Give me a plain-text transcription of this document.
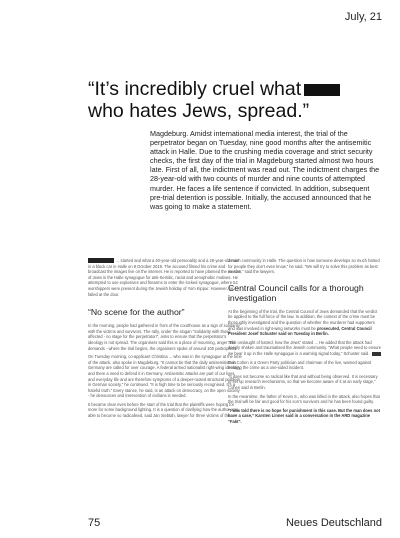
July, 21
“It’s incredibly cruel what
who hates Jews, spread.”

Magdeburg. Amidst international media interest, the trial of the perpetrator began on Tuesday, nine good months after the antisemitic attack in Halle. Due to the crushing media coverage and strict security checks, the first day of the trial in Magdeburg started almost two hours late. First of all, the indictment was read out. The indictment charges the 28-year-old with two counts of murder and nine counts of attempted murder. He faces a life sentence if convicted. In addition, subsequent pre-trial detention is possible. Initially, the accused announced that he was going to make a statement.

... started and what a 40-year-old personality and a 28-year-old man in a black car in Halle on 9 October 2019. The accused filmed his crime and broadcast the images live on the internet. He is reported to have planned the murder of Jews in the Halle synagogue for anti-Semitic, racist and xenophobic motives. He attempted to use explosives and firearms to enter the locked synagogue, where 52 worshippers were present during the Jewish holiday of Yom Kippur. However, he failed at the door.

“No scene for the author”

In the morning, people had gathered in front of the courthouse as a sign of solidarity with the victims and survivors. The rally, under the slogan “Solidarity with those affected - no stage for the perpetrator!”, aims to ensure that the perpetrator’s ideology is not spread. The organisers said this is a place of mourning, anger and demands - where the trial begins, the organisers spoke of around 100 participants.

On Tuesday morning, co-applicant Christina ... who was in the synagogue at the time of the attack, also spoke in Magdeburg. “It cannot be that the daily antisemitism in Germany are called for over courage. A federal armed nationalist right-wing ideology and there a need to defend it in Germany. Antisemitic attacks are part of our lives and everyday life and are therefore symptoms of a deeper-rooted structural problem in German society,” he continued. “It is high time to be seriously recognised. It’s a hateful truth.” Every stance, he said, is an attack on democracy, on the open society - he denounces and intervention of civilians is needed.

It became clear even before the start of the trial that the plaintiffs were hoping for more for some background lighting. It is a question of clarifying how the author was able to become so radicalised, said Jan Siebtah, lawyer for three victims of the

Jewish community in Halle. The question is how someone develops so much hatred for people they don’t even know,” he said. “We will try to solve this problem as best we can,” said the lawyers.

Central Council calls for a thorough investigation

At the beginning of the trial, the Central Council of Jews demanded that the verdict be applied to the full force of the law. In addition, the context of the crime must be thoroughly investigated and the question of whether the murderer had supporters and was involved in right-wing networks must be prosecuted, Central Council President Josef Schuster said on Tuesday in Berlin.

“The onslaught of hatred, how the Jews” stated ... He added that the attack had deeply shaken and traumatised the Jewish community. “What people need to ensure we bear it up in the Halle synagogue is a warning signal today,” Schuster said.

Dan Cohen is a Green Party politician and chairman of the live, warned against treating the crime as a one-sided incident.

“It does not become so radical like that and without being observed. It is necessary to set up research mechanisms, so that we become aware of it at an early stage,” Cohen said in Berlin.

In the meantime, the father of Kevin S., who was killed in the attack, also hopes that the trial will be fair and good for his son’s survivors and he has been found guilty.

“I was told there is no hope for punishment in this case. But the man does not have a case,” Karsten Linner said in a conversation in the ARD magazine “Fakt”.

75	Neues Deutschland
